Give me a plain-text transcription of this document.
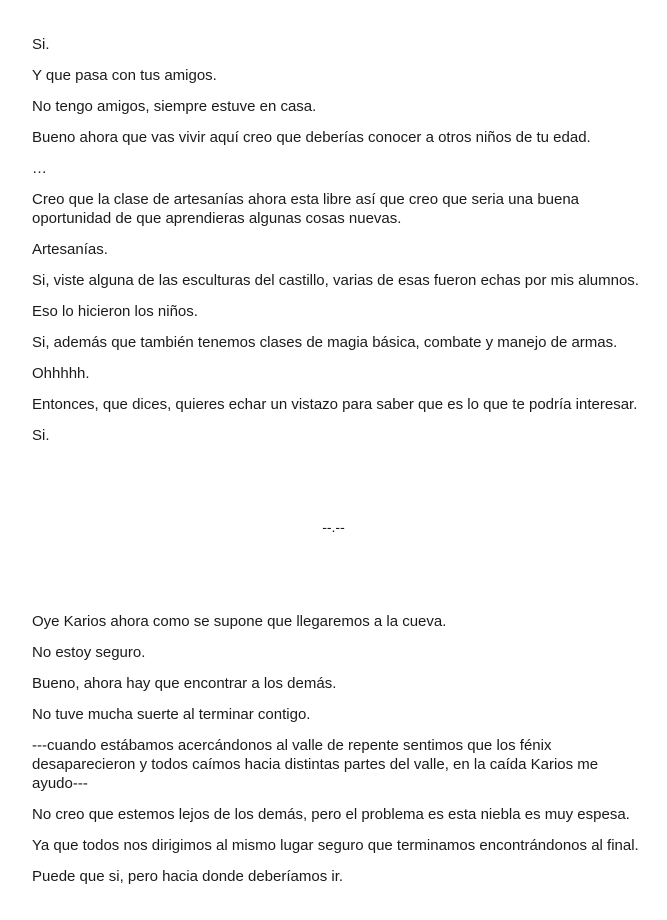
Si.

Y que pasa con tus amigos.

No tengo amigos, siempre estuve en casa.

Bueno ahora que vas vivir aquí creo que deberías conocer a otros niños de tu edad.

…

Creo que la clase de artesanías ahora esta libre así que creo que seria una buena oportunidad de que aprendieras algunas cosas nuevas.

Artesanías.

Si, viste alguna de las esculturas del castillo, varias de esas fueron echas por mis alumnos.

Eso lo hicieron los niños.

Si, además que también tenemos clases de magia básica, combate y manejo de armas.

Ohhhhh.

Entonces, que dices, quieres echar un vistazo para saber que es lo que te podría interesar.

Si.

--.--

Oye Karios ahora como se supone que llegaremos a la cueva.

No estoy seguro.

Bueno, ahora hay que encontrar a los demás.

No tuve mucha suerte al terminar contigo.

---cuando estábamos acercándonos al valle de repente sentimos que los fénix desaparecieron y todos caímos hacia distintas partes del valle, en la caída Karios me ayudo---

No creo que estemos lejos de los demás, pero el problema es esta niebla es muy espesa.

Ya que todos nos dirigimos al mismo lugar seguro que terminamos encontrándonos al final.

Puede que si, pero hacia donde deberíamos ir.
